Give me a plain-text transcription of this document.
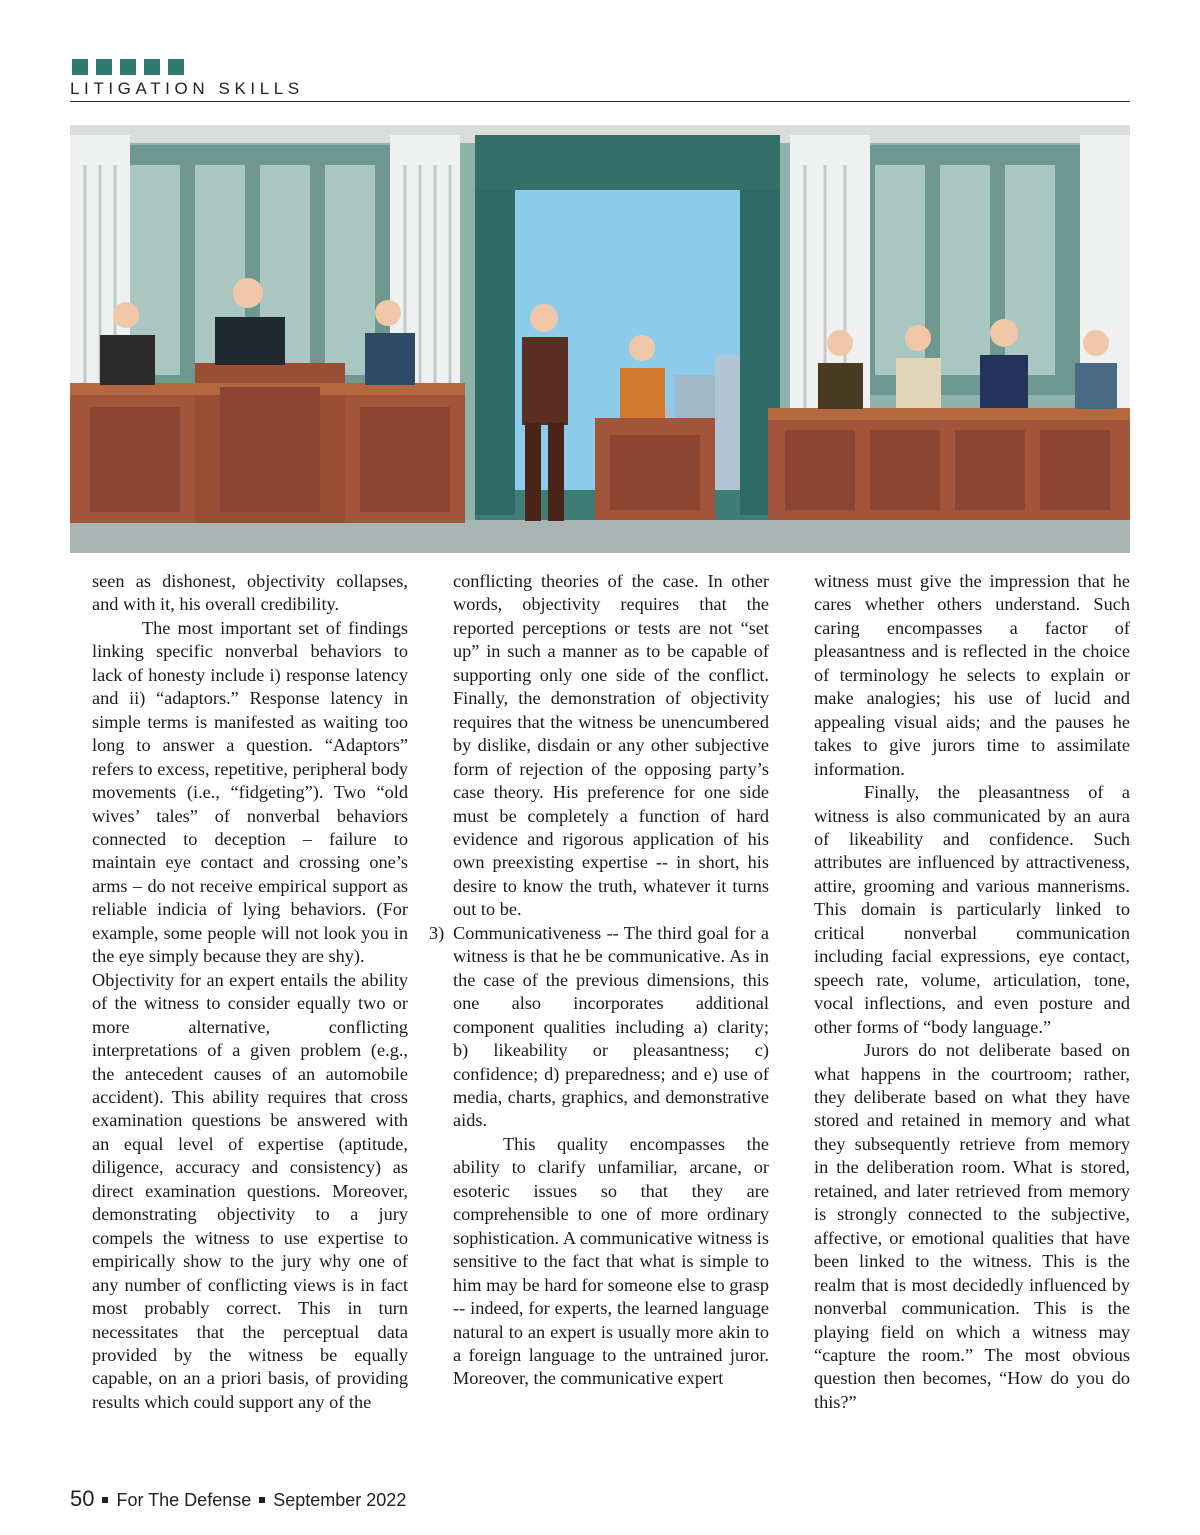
LITIGATION SKILLS

seen as dishonest, objectivity collapses, and with it, his overall credibility.

The most important set of findings linking specific nonverbal behaviors to lack of honesty include i) response latency and ii) “adaptors.” Response latency in simple terms is manifested as waiting too long to answer a question. “Adaptors” refers to excess, repetitive, peripheral body movements (i.e., “fidgeting”). Two “old wives’ tales” of nonverbal behaviors connected to deception – failure to maintain eye contact and crossing one’s arms – do not receive empirical support as reliable indicia of lying behaviors. (For example, some people will not look you in the eye simply because they are shy).

Objectivity for an expert entails the ability of the witness to consider equally two or more alternative, conflicting interpretations of a given problem (e.g., the antecedent causes of an automobile accident). This ability requires that cross examination questions be answered with an equal level of expertise (aptitude, diligence, accuracy and consistency) as direct examination questions. Moreover, demonstrating objectivity to a jury compels the witness to use expertise to empirically show to the jury why one of any number of conflicting views is in fact most probably correct. This in turn necessitates that the perceptual data provided by the witness be equally capable, on an a priori basis, of providing results which could support any of the

conflicting theories of the case. In other words, objectivity requires that the reported perceptions or tests are not “set up” in such a manner as to be capable of supporting only one side of the conflict. Finally, the demonstration of objectivity requires that the witness be unencumbered by dislike, disdain or any other subjective form of rejection of the opposing party’s case theory. His preference for one side must be completely a function of hard evidence and rigorous application of his own preexisting expertise -- in short, his desire to know the truth, whatever it turns out to be.

3) Communicativeness -- The third goal for a witness is that he be communicative. As in the case of the previous dimensions, this one also incorporates additional component qualities including a) clarity; b) likeability or pleasantness; c) confidence; d) preparedness; and e) use of media, charts, graphics, and demonstrative aids.

This quality encompasses the ability to clarify unfamiliar, arcane, or esoteric issues so that they are comprehensible to one of more ordinary sophistication. A communicative witness is sensitive to the fact that what is simple to him may be hard for someone else to grasp -- indeed, for experts, the learned language natural to an expert is usually more akin to a foreign language to the untrained juror. Moreover, the communicative expert

witness must give the impression that he cares whether others understand. Such caring encompasses a factor of pleasantness and is reflected in the choice of terminology he selects to explain or make analogies; his use of lucid and appealing visual aids; and the pauses he takes to give jurors time to assimilate information.

Finally, the pleasantness of a witness is also communicated by an aura of likeability and confidence. Such attributes are influenced by attractiveness, attire, grooming and various mannerisms. This domain is particularly linked to critical nonverbal communication including facial expressions, eye contact, speech rate, volume, articulation, tone, vocal inflections, and even posture and other forms of “body language.”

Jurors do not deliberate based on what happens in the courtroom; rather, they deliberate based on what they have stored and retained in memory and what they subsequently retrieve from memory in the deliberation room. What is stored, retained, and later retrieved from memory is strongly connected to the subjective, affective, or emotional qualities that have been linked to the witness. This is the realm that is most decidedly influenced by nonverbal communication. This is the playing field on which a witness may “capture the room.” The most obvious question then becomes, “How do you do this?”

50 For The Defense September 2022
